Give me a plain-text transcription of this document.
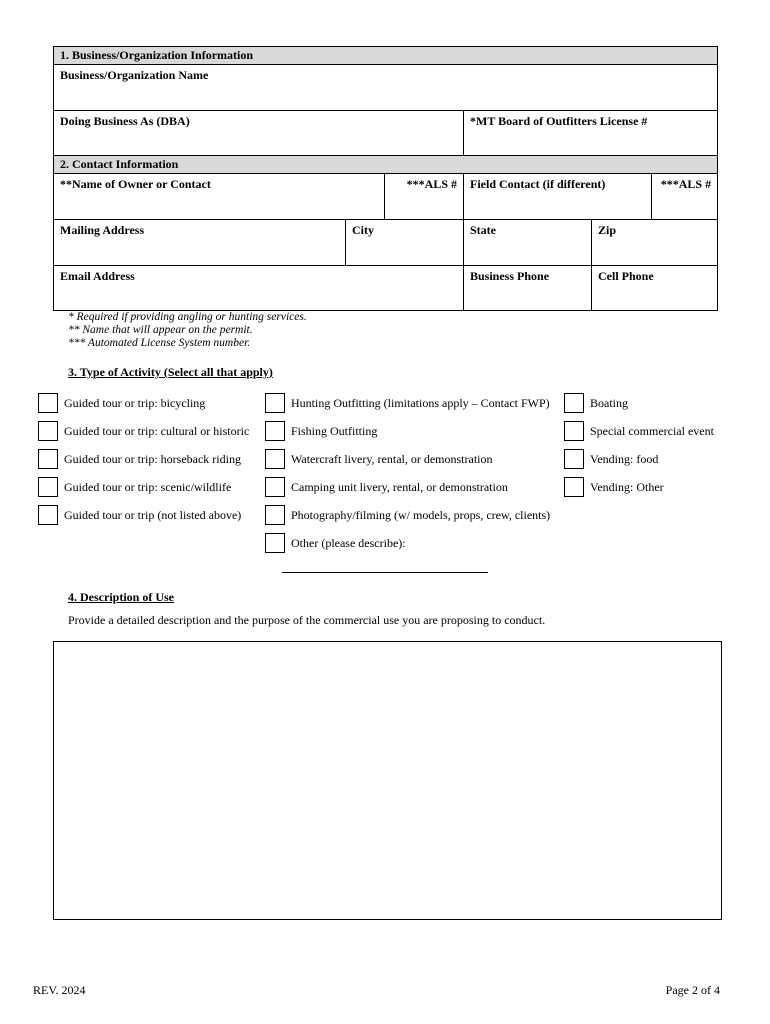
1. Business/Organization Information
Business/Organization Name
Doing Business As (DBA)	*MT Board of Outfitters License #
2. Contact Information					
**Name of Owner or Contact		***ALS #	Field Contact (if different)		***ALS #
Mailing Address	City		State	Zip	
Email Address			Business Phone	Cell Phone	
* Required if providing angling or hunting services.
** Name that will appear on the permit.
*** Automated License System number.
3. Type of Activity (Select all that apply)
Guided tour or trip: bicycling
Guided tour or trip: cultural or historic
Guided tour or trip: horseback riding
Guided tour or trip: scenic/wildlife
Guided tour or trip (not listed above)
Hunting Outfitting (limitations apply – Contact FWP)
Fishing Outfitting
Watercraft livery, rental, or demonstration
Camping unit livery, rental, or demonstration
Photography/filming (w/ models, props, crew, clients)
Other (please describe):
Boating
Special commercial event
Vending: food
Vending: Other
4. Description of Use
Provide a detailed description and the purpose of the commercial use you are proposing to conduct.
REV. 2024	Page 2 of 4
